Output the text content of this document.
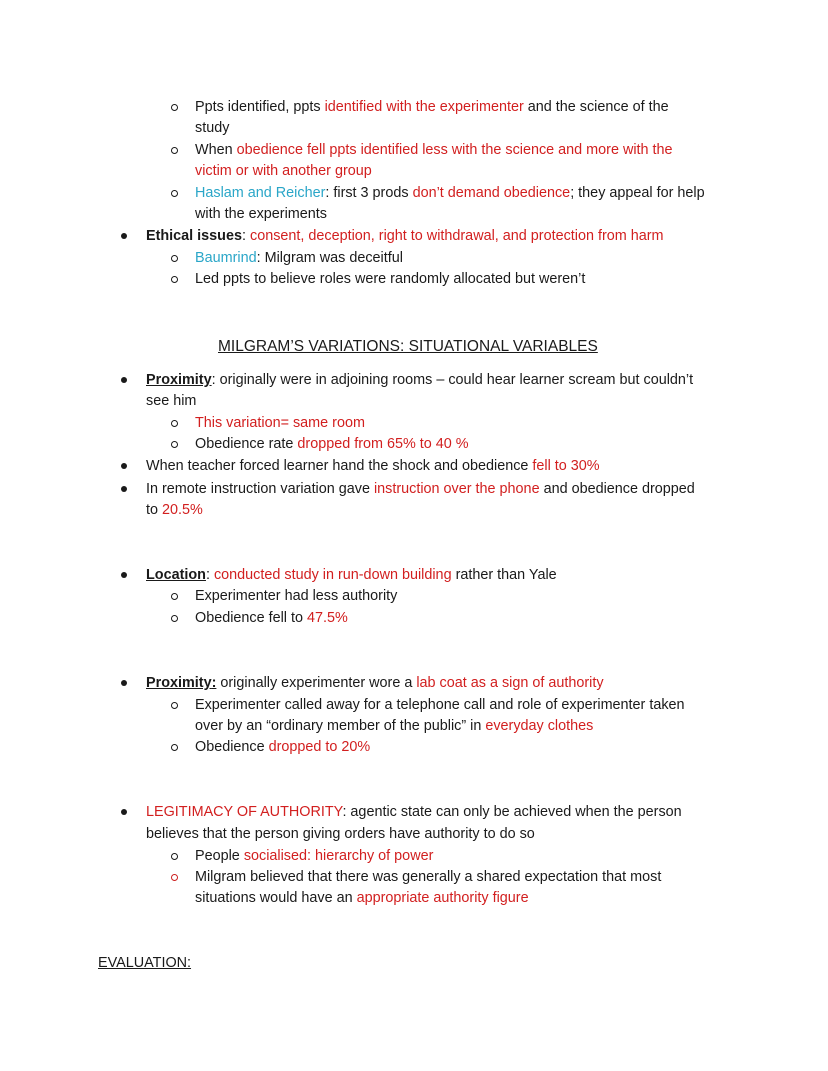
Ppts identified, ppts identified with the experimenter and the science of the
study
When obedience fell ppts identified less with the science and more with the
victim or with another group
Haslam and Reicher: first 3 prods don’t demand obedience; they appeal for help
with the experiments
Ethical issues: consent, deception, right to withdrawal, and protection from harm
Baumrind: Milgram was deceitful
Led ppts to believe roles were randomly allocated but weren’t
MILGRAM’S VARIATIONS: SITUATIONAL VARIABLES
Proximity: originally were in adjoining rooms – could hear learner scream but couldn’t
see him
This variation= same room
Obedience rate dropped from 65% to 40 %
When teacher forced learner hand the shock and obedience fell to 30%
In remote instruction variation gave instruction over the phone and obedience dropped
to 20.5%
Location: conducted study in run-down building rather than Yale
Experimenter had less authority
Obedience fell to 47.5%
Proximity: originally experimenter wore a lab coat as a sign of authority
Experimenter called away for a telephone call and role of experimenter taken
over by an “ordinary member of the public” in everyday clothes
Obedience dropped to 20%
LEGITIMACY OF AUTHORITY: agentic state can only be achieved when the person
believes that the person giving orders have authority to do so
People socialised: hierarchy of power
Milgram believed that there was generally a shared expectation that most
situations would have an appropriate authority figure
EVALUATION:
